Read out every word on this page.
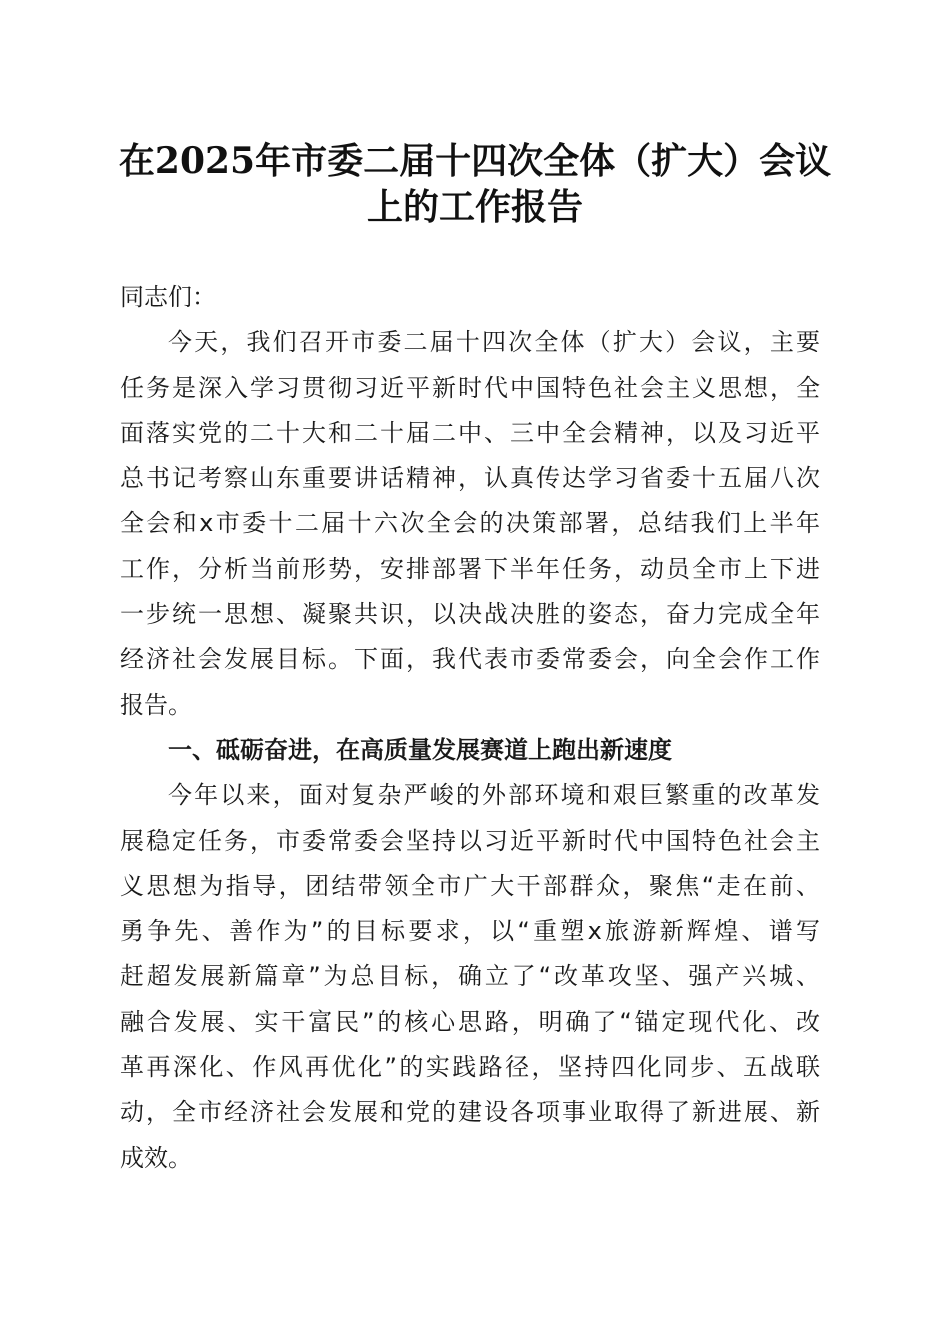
在2025年市委二届十四次全体（扩大）会议
上的工作报告
同志们：
今天，我们召开市委二届十四次全体（扩大）会议，主要
任务是深入学习贯彻习近平新时代中国特色社会主义思想，全
面落实党的二十大和二十届二中、三中全会精神，以及习近平
总书记考察山东重要讲话精神，认真传达学习省委十五届八次
全会和x市委十二届十六次全会的决策部署，总结我们上半年
工作，分析当前形势，安排部署下半年任务，动员全市上下进
一步统一思想、凝聚共识，以决战决胜的姿态，奋力完成全年
经济社会发展目标。下面，我代表市委常委会，向全会作工作
报告。
一、砥砺奋进，在高质量发展赛道上跑出新速度
今年以来，面对复杂严峻的外部环境和艰巨繁重的改革发
展稳定任务，市委常委会坚持以习近平新时代中国特色社会主
义思想为指导，团结带领全市广大干部群众，聚焦“走在前、
勇争先、善作为”的目标要求，以“重塑x旅游新辉煌、谱写
赶超发展新篇章”为总目标，确立了“改革攻坚、强产兴城、
融合发展、实干富民”的核心思路，明确了“锚定现代化、改
革再深化、作风再优化”的实践路径，坚持四化同步、五战联
动，全市经济社会发展和党的建设各项事业取得了新进展、新
成效。
